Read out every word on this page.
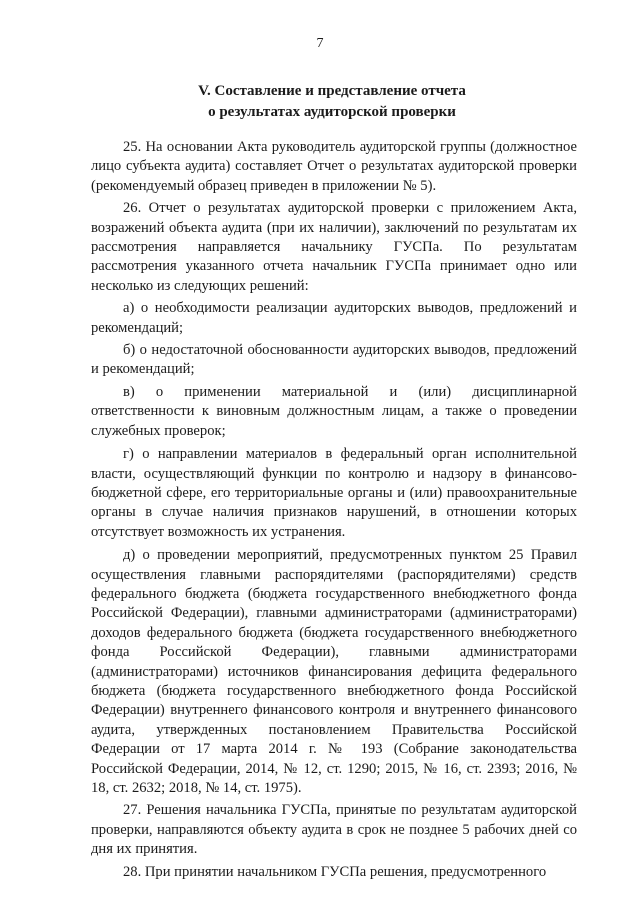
7
V. Составление и представление отчета
о результатах аудиторской проверки

25. На основании Акта руководитель аудиторской группы (должностное лицо субъекта аудита) составляет Отчет о результатах аудиторской проверки (рекомендуемый образец приведен в приложении № 5).

26. Отчет о результатах аудиторской проверки с приложением Акта, возражений объекта аудита (при их наличии), заключений по результатам их рассмотрения направляется начальнику ГУСПа. По результатам рассмотрения указанного отчета начальник ГУСПа принимает одно или несколько из следующих решений:

а) о необходимости реализации аудиторских выводов, предложений и рекомендаций;

б) о недостаточной обоснованности аудиторских выводов, предложений и рекомендаций;

в) о применении материальной и (или) дисциплинарной ответственности к виновным должностным лицам, а также о проведении служебных проверок;

г) о направлении материалов в федеральный орган исполнительной власти, осуществляющий функции по контролю и надзору в финансово-бюджетной сфере, его территориальные органы и (или) правоохранительные органы в случае наличия признаков нарушений, в отношении которых отсутствует возможность их устранения.

д) о проведении мероприятий, предусмотренных пунктом 25 Правил осуществления главными распорядителями (распорядителями) средств федерального бюджета (бюджета государственного внебюджетного фонда Российской Федерации), главными администраторами (администраторами) доходов федерального бюджета (бюджета государственного внебюджетного фонда Российской Федерации), главными администраторами (администраторами) источников финансирования дефицита федерального бюджета (бюджета государственного внебюджетного фонда Российской Федерации) внутреннего финансового контроля и внутреннего финансового аудита, утвержденных постановлением Правительства Российской Федерации от 17 марта 2014 г. № 193 (Собрание законодательства Российской Федерации, 2014, № 12, ст. 1290; 2015, № 16, ст. 2393; 2016, № 18, ст. 2632; 2018, № 14, ст. 1975).

27. Решения начальника ГУСПа, принятые по результатам аудиторской проверки, направляются объекту аудита в срок не позднее 5 рабочих дней со дня их принятия.

28. При принятии начальником ГУСПа решения, предусмотренного
